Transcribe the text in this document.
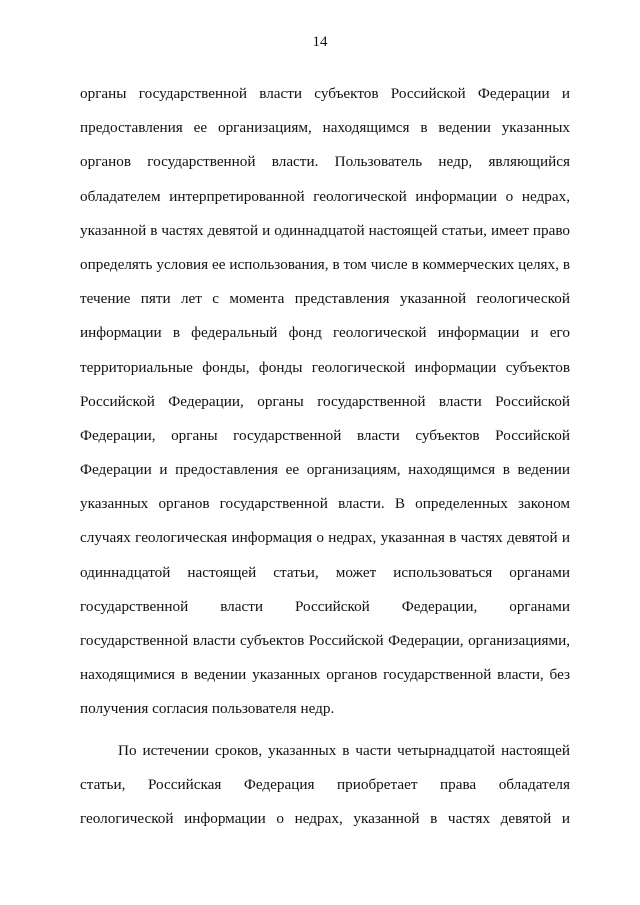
14
органы государственной власти субъектов Российской Федерации и
предоставления ее организациям, находящимся в ведении указанных
органов государственной власти. Пользователь недр, являющийся
обладателем интерпретированной геологической информации о недрах,
указанной в частях девятой и одиннадцатой настоящей статьи, имеет право
определять условия ее использования, в том числе в коммерческих целях, в
течение пяти лет с момента представления указанной геологической
информации в федеральный фонд геологической информации и его
территориальные фонды, фонды геологической информации субъектов
Российской Федерации, органы государственной власти Российской
Федерации, органы государственной власти субъектов Российской
Федерации и предоставления ее организациям, находящимся в ведении
указанных органов государственной власти. В определенных законом
случаях геологическая информация о недрах, указанная в частях девятой и
одиннадцатой настоящей статьи, может использоваться органами
государственной власти Российской Федерации, органами
государственной власти субъектов Российской Федерации, организациями,
находящимися в ведении указанных органов государственной власти, без
получения согласия пользователя недр.
По истечении сроков, указанных в части четырнадцатой настоящей
статьи, Российская Федерация приобретает права обладателя
геологической информации о недрах, указанной в частях девятой и
